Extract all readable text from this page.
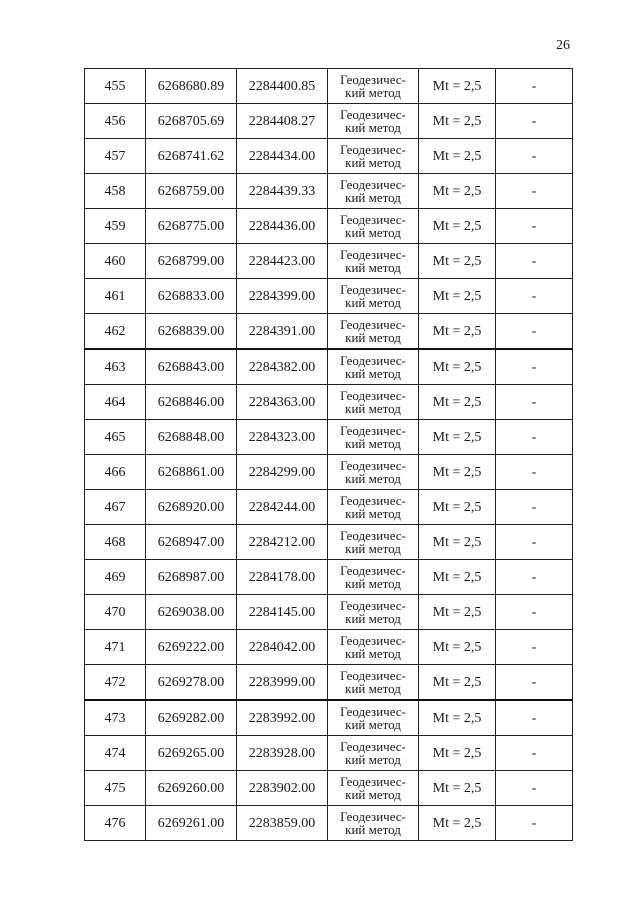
26
455	6268680.89	2284400.85	Геодезичес-
кий метод	Mt = 2,5	-
456	6268705.69	2284408.27	Геодезичес-
кий метод	Mt = 2,5	-
457	6268741.62	2284434.00	Геодезичес-
кий метод	Mt = 2,5	-
458	6268759.00	2284439.33	Геодезичес-
кий метод	Mt = 2,5	-
459	6268775.00	2284436.00	Геодезичес-
кий метод	Mt = 2,5	-
460	6268799.00	2284423.00	Геодезичес-
кий метод	Mt = 2,5	-
461	6268833.00	2284399.00	Геодезичес-
кий метод	Mt = 2,5	-
462	6268839.00	2284391.00	Геодезичес-
кий метод	Mt = 2,5	-
463	6268843.00	2284382.00	Геодезичес-
кий метод	Mt = 2,5	-
464	6268846.00	2284363.00	Геодезичес-
кий метод	Mt = 2,5	-
465	6268848.00	2284323.00	Геодезичес-
кий метод	Mt = 2,5	-
466	6268861.00	2284299.00	Геодезичес-
кий метод	Mt = 2,5	-
467	6268920.00	2284244.00	Геодезичес-
кий метод	Mt = 2,5	-
468	6268947.00	2284212.00	Геодезичес-
кий метод	Mt = 2,5	-
469	6268987.00	2284178.00	Геодезичес-
кий метод	Mt = 2,5	-
470	6269038.00	2284145.00	Геодезичес-
кий метод	Mt = 2,5	-
471	6269222.00	2284042.00	Геодезичес-
кий метод	Mt = 2,5	-
472	6269278.00	2283999.00	Геодезичес-
кий метод	Mt = 2,5	-
473	6269282.00	2283992.00	Геодезичес-
кий метод	Mt = 2,5	-
474	6269265.00	2283928.00	Геодезичес-
кий метод	Mt = 2,5	-
475	6269260.00	2283902.00	Геодезичес-
кий метод	Mt = 2,5	-
476	6269261.00	2283859.00	Геодезичес-
кий метод	Mt = 2,5	-
